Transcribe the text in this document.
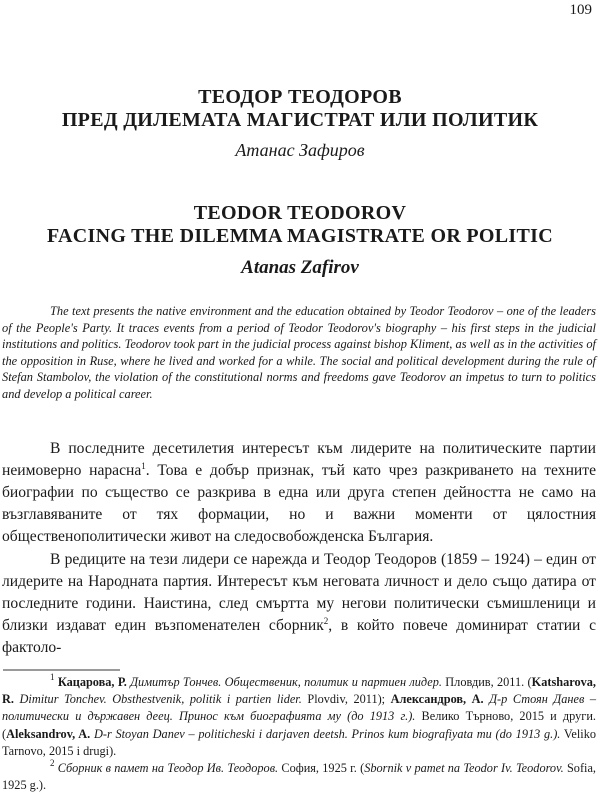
109
ТЕОДОР ТЕОДОРОВ
ПРЕД ДИЛЕМАТА МАГИСТРАТ ИЛИ ПОЛИТИК
Атанас Зафиров
TEODOR TEODOROV
FACING THE DILEMMA MAGISTRATE OR POLITIC
Atanas Zafirov
The text presents the native environment and the education obtained by Teodor Teodorov – one of the leaders of the People's Party. It traces events from a period of Teodor Teodorov's biography – his first steps in the judicial institutions and politics. Teodorov took part in the judicial process against bishop Kliment, as well as in the activities of the opposition in Ruse, where he lived and worked for a while. The social and political development during the rule of Stefan Stambolov, the violation of the constitutional norms and freedoms gave Teodorov an impetus to turn to politics and develop a political career.
В последните десетилетия интересът към лидерите на политическите партии неимоверно нарасна$^1$. Това е добър признак, тъй като чрез разкриването на техните биографии по същество се разкрива в една или друга степен дейността не само на възглавяваните от тях формации, но и важни моменти от цялостния общественополитически живот на следосвобожденска България.
В редиците на тези лидери се нарежда и Теодор Теодоров (1859 – 1924) – един от лидерите на Народната партия. Интересът към неговата личност и дело също датира от последните години. Наистина, след смъртта му негови политически съмишленици и близки издават един възпоменателен сборник$^2$, в който повече доминират статии с фактоло-

$^1$ Кацарова, Р. Димитър Тончев. Общественик, политик и партиен лидер. Пловдив, 2011. (Katsharova, R. Dimitur Tonchev. Obsthestvenik, politik i partien lider. Plovdiv, 2011); Александров, А. Д-р Стоян Данев – политически и държавен деец. Принос към биографията му (до 1913 г.). Велико Търново, 2015 и други. (Aleksandrov, A. D-r Stoyan Danev – politicheski i darjaven deetsh. Prinos kum biografiyata mu (do 1913 g.). Veliko Tarnovo, 2015 i drugi).

$^2$ Сборник в памет на Теодор Ив. Теодоров. София, 1925 г. (Sbornik v pamet na Teodor Iv. Teodorov. Sofia, 1925 g.).
